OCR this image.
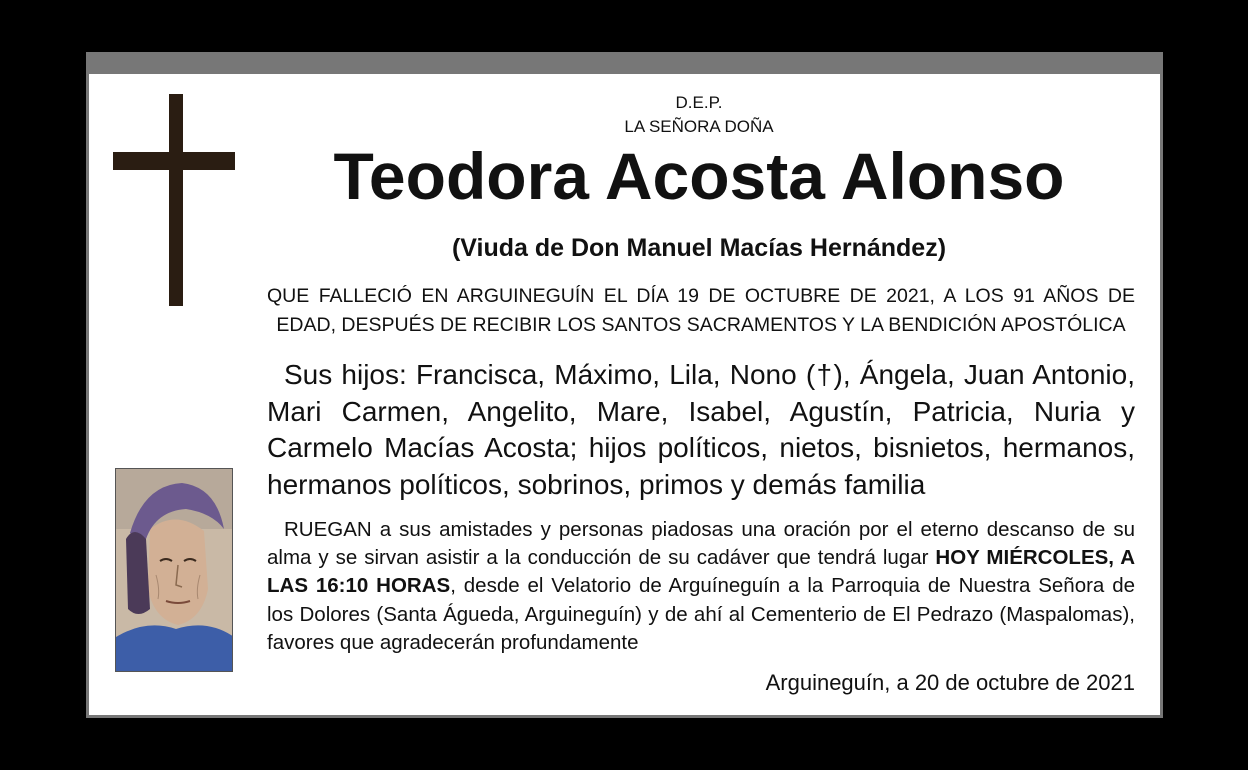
D.E.P.
LA SEÑORA DOÑA
Teodora Acosta Alonso
(Viuda de Don Manuel Macías Hernández)
QUE FALLECIÓ EN ARGUINEGUÍN EL DÍA 19 DE OCTUBRE DE 2021, A LOS 91 AÑOS DE EDAD, DESPUÉS DE RECIBIR LOS SANTOS SACRAMENTOS Y LA BENDICIÓN APOSTÓLICA
Sus hijos: Francisca, Máximo, Lila, Nono (†), Ángela, Juan Antonio, Mari Carmen, Angelito, Mare, Isabel, Agustín, Patricia, Nuria y Carmelo Macías Acosta; hijos políticos, nietos, bisnietos, hermanos, hermanos políticos, sobrinos, primos y demás familia
RUEGAN a sus amistades y personas piadosas una oración por el eterno descanso de su alma y se sirvan asistir a la conducción de su cadáver que tendrá lugar HOY MIÉRCOLES, A LAS 16:10 HORAS, desde el Velatorio de Arguíneguín a la Parroquia de Nuestra Señora de los Dolores (Santa Águeda, Arguineguín) y de ahí al Cementerio de El Pedrazo (Maspalomas), favores que agradecerán profundamente
Arguineguín, a 20 de octubre de 2021
